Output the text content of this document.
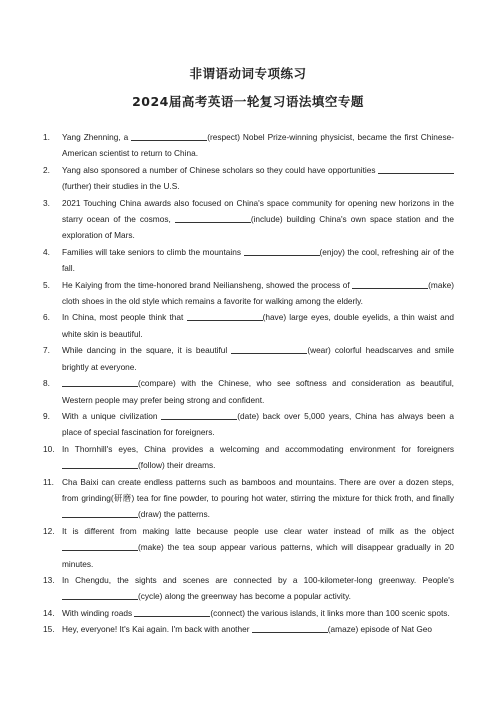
非谓语动词专项练习
2024届高考英语一轮复习语法填空专题
1. Yang Zhenning, a	(respect) Nobel Prize-winning physicist, became the first Chinese-American scientist to return to China.
2. Yang also sponsored a number of Chinese scholars so they could have opportunities (further) their studies in the U.S.
3. 2021 Touching China awards also focused on China's space community for opening new horizons in the starry ocean of the cosmos,	(include) building China's own space station and the exploration of Mars.
4. Families will take seniors to climb the mountains	(enjoy) the cool, refreshing air of the fall.
5. He Kaiying from the time-honored brand Neiliansheng, showed the process of	(make) cloth shoes in the old style which remains a favorite for walking among the elderly.
6. In China, most people think that	(have) large eyes, double eyelids, a thin waist and white skin is beautiful.
7. While dancing in the square, it is beautiful	(wear) colorful headscarves and smile brightly at everyone.
8.	(compare) with the Chinese, who see softness and consideration as beautiful, Western people may prefer being strong and confident.
9. With a unique civilization	(date) back over 5,000 years, China has always been a place of special fascination for foreigners.
10. In Thornhill's eyes, China provides a welcoming and accommodating environment for foreigners (follow) their dreams.
11. Cha Baixi can create endless patterns such as bamboos and mountains. There are over a dozen steps, from grinding(研磨) tea for fine powder, to pouring hot water, stirring the mixture for thick froth, and finally (draw) the patterns.
12. It is different from making latte because people use clear water instead of milk as the object (make) the tea soup appear various patterns, which will disappear gradually in 20 minutes.
13. In Chengdu, the sights and scenes are connected by a 100-kilometer-long greenway. People's (cycle) along the greenway has become a popular activity.
14. With winding roads	(connect) the various islands, it links more than 100 scenic spots.
15. Hey, everyone! It's Kai again. I'm back with another	(amaze) episode of Nat Geo
